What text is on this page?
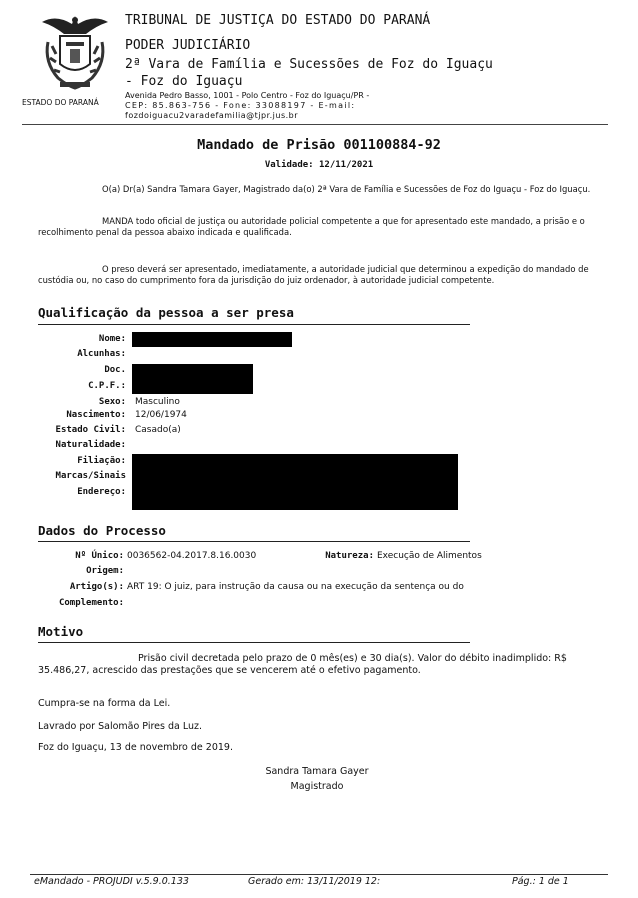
ESTADO DO PARANÁ
TRIBUNAL DE JUSTIÇA DO ESTADO DO PARANÁ
PODER JUDICIÁRIO
2ª Vara de Família e Sucessões de Foz do Iguaçu - Foz do Iguaçu
Avenida Pedro Basso, 1001 - Polo Centro - Foz do Iguaçu/PR -
CEP: 85.863-756 - Fone: 33088197 - E-mail:
fozdoiguacu2varadefamilia@tjpr.jus.br
Mandado de Prisão 001100884-92
Validade: 12/11/2021

O(a) Dr(a) Sandra Tamara Gayer, Magistrado da(o) 2ª Vara de Família e Sucessões de Foz do Iguaçu - Foz do Iguaçu.

MANDA todo oficial de justiça ou autoridade policial competente a que for apresentado este mandado, a prisão e o recolhimento penal da pessoa abaixo indicada e qualificada.

O preso deverá ser apresentado, imediatamente, a autoridade judicial que determinou a expedição do mandado de custódia ou, no caso do cumprimento fora da jurisdição do juiz ordenador, à autoridade judicial competente.

Qualificação da pessoa a ser presa
Nome:
Alcunhas:
Doc.
C.P.F.:
Sexo: Masculino
Nascimento: 12/06/1974
Estado Civil: Casado(a)
Naturalidade:
Filiação:
Marcas/Sinais
Endereço:
Dados do Processo
Nº Único: 0036562-04.2017.8.16.0030	Natureza: Execução de Alimentos
Origem:
Artigo(s): ART 19: O juiz, para instrução da causa ou na execução da sentença ou do
Complemento:
Motivo

Prisão civil decretada pelo prazo de 0 mês(es) e 30 dia(s). Valor do débito inadimplido: R$ 35.486,27, acrescido das prestações que se vencerem até o efetivo pagamento.

Cumpra-se na forma da Lei.
Lavrado por Salomão Pires da Luz.
Foz do Iguaçu, 13 de novembro de 2019.
Sandra Tamara Gayer
Magistrado
eMandado - PROJUDI v.5.9.0.133	Gerado em: 13/11/2019 12:	Pág.: 1 de 1
